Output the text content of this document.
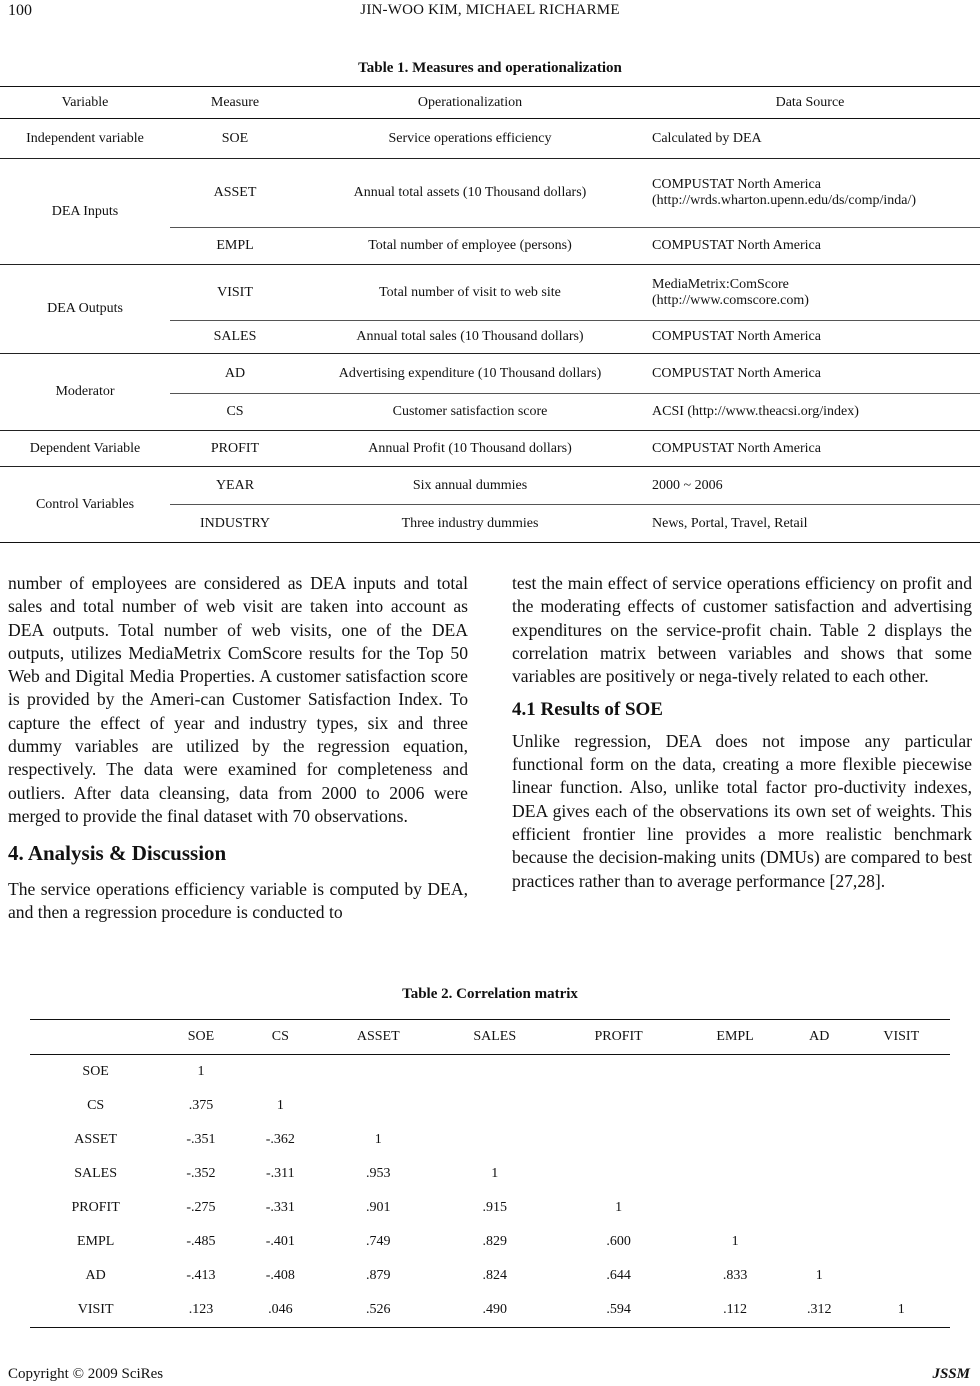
100	JIN-WOO KIM, MICHAEL RICHARME
Table 1. Measures and operationalization
Variable	Measure	Operationalization	Data Source
Independent variable	SOE	Service operations efficiency	Calculated by DEA
DEA Inputs	ASSET	Annual total assets (10 Thousand dollars)	COMPUSTAT North America
(http://wrds.wharton.upenn.edu/ds/comp/inda/)

	EMPL	Total number of employee (persons)	COMPUSTAT North America
DEA Outputs	VISIT	Total number of visit to web site	MediaMetrix:ComScore
(http://www.comscore.com)

	SALES	Annual total sales (10 Thousand dollars)	COMPUSTAT North America
Moderator	AD	Advertising expenditure (10 Thousand dollars)	COMPUSTAT North America
	CS	Customer satisfaction score	ACSI (http://www.theacsi.org/index)
Dependent Variable	PROFIT	Annual Profit (10 Thousand dollars)	COMPUSTAT North America
Control Variables	YEAR	Six annual dummies	2000 ~ 2006
	INDUSTRY	Three industry dummies	News, Portal, Travel, Retail

number of employees are considered as DEA inputs and total sales and total number of web visit are taken into account as DEA outputs. Total number of web visits, one of the DEA outputs, utilizes MediaMetrix ComScore results for the Top 50 Web and Digital Media Properties. A customer satisfaction score is provided by the Ameri-can Customer Satisfaction Index. To capture the effect of year and industry types, six and three dummy variables are utilized by the regression equation, respectively. The data were examined for completeness and outliers. After data cleansing, data from 2000 to 2006 were merged to provide the final dataset with 70 observations.

4. Analysis & Discussion

The service operations efficiency variable is computed by DEA, and then a regression procedure is conducted to

test the main effect of service operations efficiency on profit and the moderating effects of customer satisfaction and advertising expenditures on the service-profit chain. Table 2 displays the correlation matrix between variables and shows that some variables are positively or nega-tively related to each other.

4.1 Results of SOE

Unlike regression, DEA does not impose any particular functional form on the data, creating a more flexible piecewise linear function. Also, unlike total factor pro-ductivity indexes, DEA gives each of the observations its own set of weights. This efficient frontier line provides a more realistic benchmark because the decision-making units (DMUs) are compared to best practices rather than to average performance [27,28].

Table 2. Correlation matrix
	SOE	CS	ASSET	SALES	PROFIT	EMPL	AD	VISIT
SOE	1							
CS	.375	1						
ASSET	-.351	-.362	1					
SALES	-.352	-.311	.953	1				
PROFIT	-.275	-.331	.901	.915	1			
EMPL	-.485	-.401	.749	.829	.600	1		
AD	-.413	-.408	.879	.824	.644	.833	1	
VISIT	.123	.046	.526	.490	.594	.112	.312	1
Copyright © 2009 SciRes	JSSM
